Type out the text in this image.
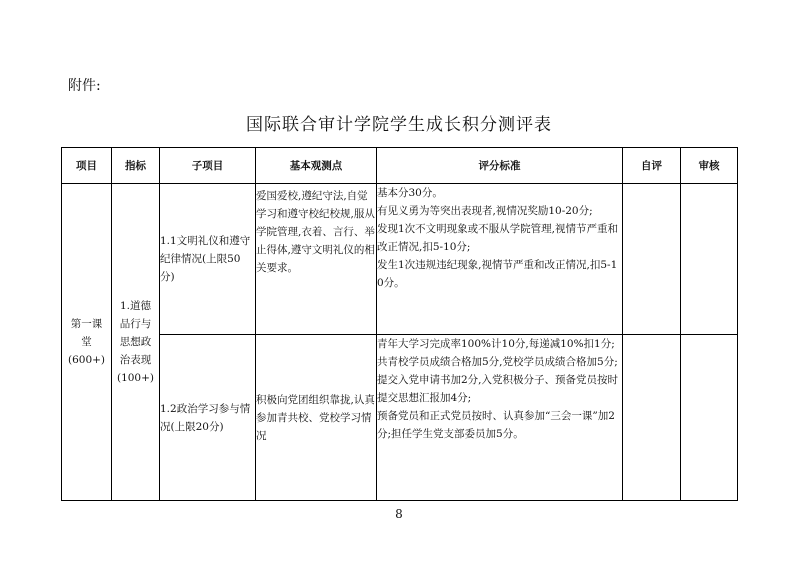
附件:
国际联合审计学院学生成长积分测评表
项目	指标	子项目	基本观测点	评分标准	自评	审核

第一课堂(600+)	1.道德品行与思想政治表现(100+)	1.1文明礼仪和遵守纪律情况(上限50分)	爱国爱校,遵纪守法,自觉学习和遵守校纪校规,服从学院管理,衣着、言行、举止得体,遵守文明礼仪的相关要求。	基本分30分。

有见义勇为等突出表现者,视情况奖励10-20分;

发现1次不文明现象或不服从学院管理,视情节严重和改正情况,扣5-10分;

发生1次违规违纪现象,视情节严重和改正情况,扣5-10分。		

		1.2政治学习参与情况(上限20分)	积极向党团组织靠拢,认真参加青共校、党校学习情况	青年大学习完成率100%计10分,每递减10%扣1分;

共青校学员成绩合格加5分,党校学员成绩合格加5分;

提交入党申请书加2分,入党积极分子、预备党员按时提交思想汇报加4分;

预备党员和正式党员按时、认真参加“三会一课”加2分;担任学生党支部委员加5分。		

8
